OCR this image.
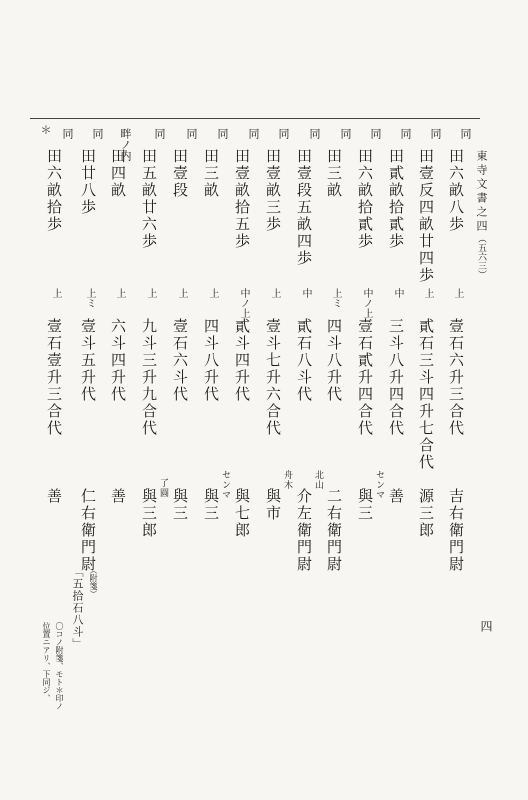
東寺文書之四（五六三）
四
同
同
同
同
同
同
同
同
同
同
同
畔ノ内
同
同
＊
田六畝八歩
上
壹石六升三合代
吉右衛門尉
田壹反四畝廿四歩
上
貳石三斗四升七合代
源三郎
田貳畝拾貳歩
中
三斗八升四合代
善
田六畝拾貳歩
中ノ上
壹石貳升四合代
センマ
與三
田三畝
上ミ
四斗八升代
二右衛門尉
田壹段五畝四歩
中
貳石八斗代
北山
介左衛門尉
田壹畝三歩
上
壹斗七升六合代
舟木
與市
田壹畝拾五歩
中ノ上
貳斗四升代
與七郎
田三畝
上
四斗八升代
センマ
與三
田壹段
上
壹石六斗代
與三
田五畝廿六歩
上
九斗三升九合代
了圓
與三郎
田四畝
上
六斗四升代
善
田廿八歩
上ミ
壹斗五升代
仁右衛門尉
田六畝拾歩
上
壹石壹升三合代
善
（附箋）
「五拾石八斗」
〇コノ附箋、モト＊印ノ
位置ニアリ、下同ジ、
